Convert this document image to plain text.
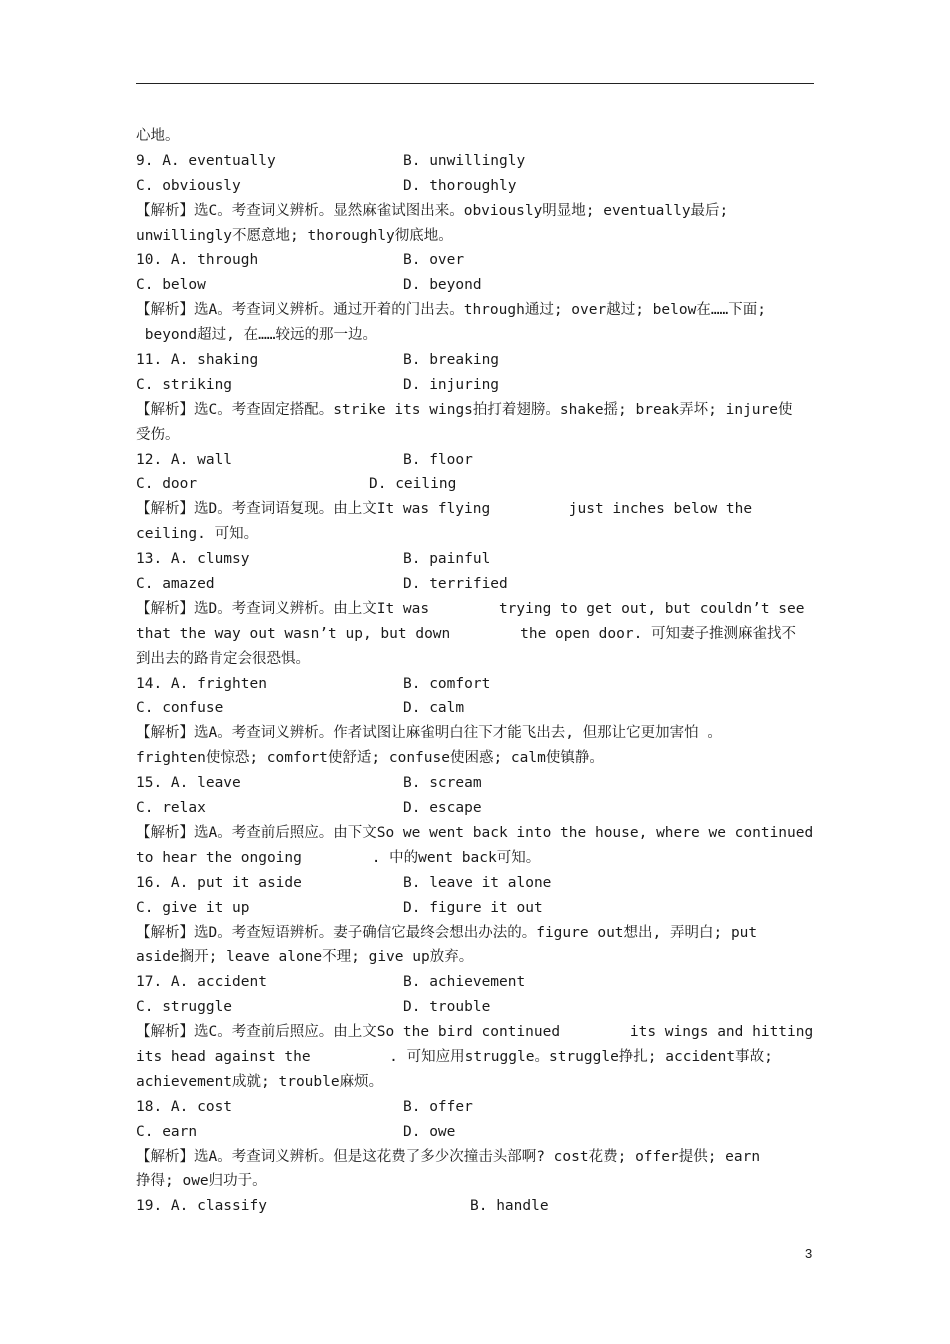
心地。
9. A. eventually	B. unwillingly
C. obviously	D. thoroughly
【解析】选C。考查词义辨析。显然麻雀试图出来。obviously明显地; eventually最后;
unwillingly不愿意地; thoroughly彻底地。
10. A. through	B. over
C. below	D. beyond
【解析】选A。考查词义辨析。通过开着的门出去。through通过; over越过; below在……下面;
beyond超过, 在……较远的那一边。
11. A. shaking	B. breaking
C. striking	D. injuring
【解析】选C。考查固定搭配。strike its wings拍打着翅膀。shake摇; break弄坏; injure使
受伤。
12. A. wall	B. floor
C. door	D. ceiling
【解析】选D。考查词语复现。由上文It was flying         just inches below the
ceiling. 可知。
13. A. clumsy	B. painful
C. amazed	D. terrified
【解析】选D。考查词义辨析。由上文It was        trying to get out, but couldn’t see
that the way out wasn’t up, but down        the open door. 可知妻子推测麻雀找不
到出去的路肯定会很恐惧。
14. A. frighten	B. comfort
C. confuse	D. calm
【解析】选A。考查词义辨析。作者试图让麻雀明白往下才能飞出去, 但那让它更加害怕 。
frighten使惊恐; comfort使舒适; confuse使困惑; calm使镇静。
15. A. leave	B. scream
C. relax	D. escape
【解析】选A。考查前后照应。由下文So we went back into the house, where we continued
to hear the ongoing        . 中的went back可知。
16. A. put it aside	B. leave it alone
C. give it up	D. figure it out
【解析】选D。考查短语辨析。妻子确信它最终会想出办法的。figure out想出, 弄明白; put
aside搁开; leave alone不理; give up放弃。
17. A. accident	B. achievement
C. struggle	D. trouble
【解析】选C。考查前后照应。由上文So the bird continued        its wings and hitting
its head against the         . 可知应用struggle。struggle挣扎; accident事故;
achievement成就; trouble麻烦。
18. A. cost	B. offer
C. earn	D. owe
【解析】选A。考查词义辨析。但是这花费了多少次撞击头部啊? cost花费; offer提供; earn
挣得; owe归功于。
19. A. classify	B. handle
3
